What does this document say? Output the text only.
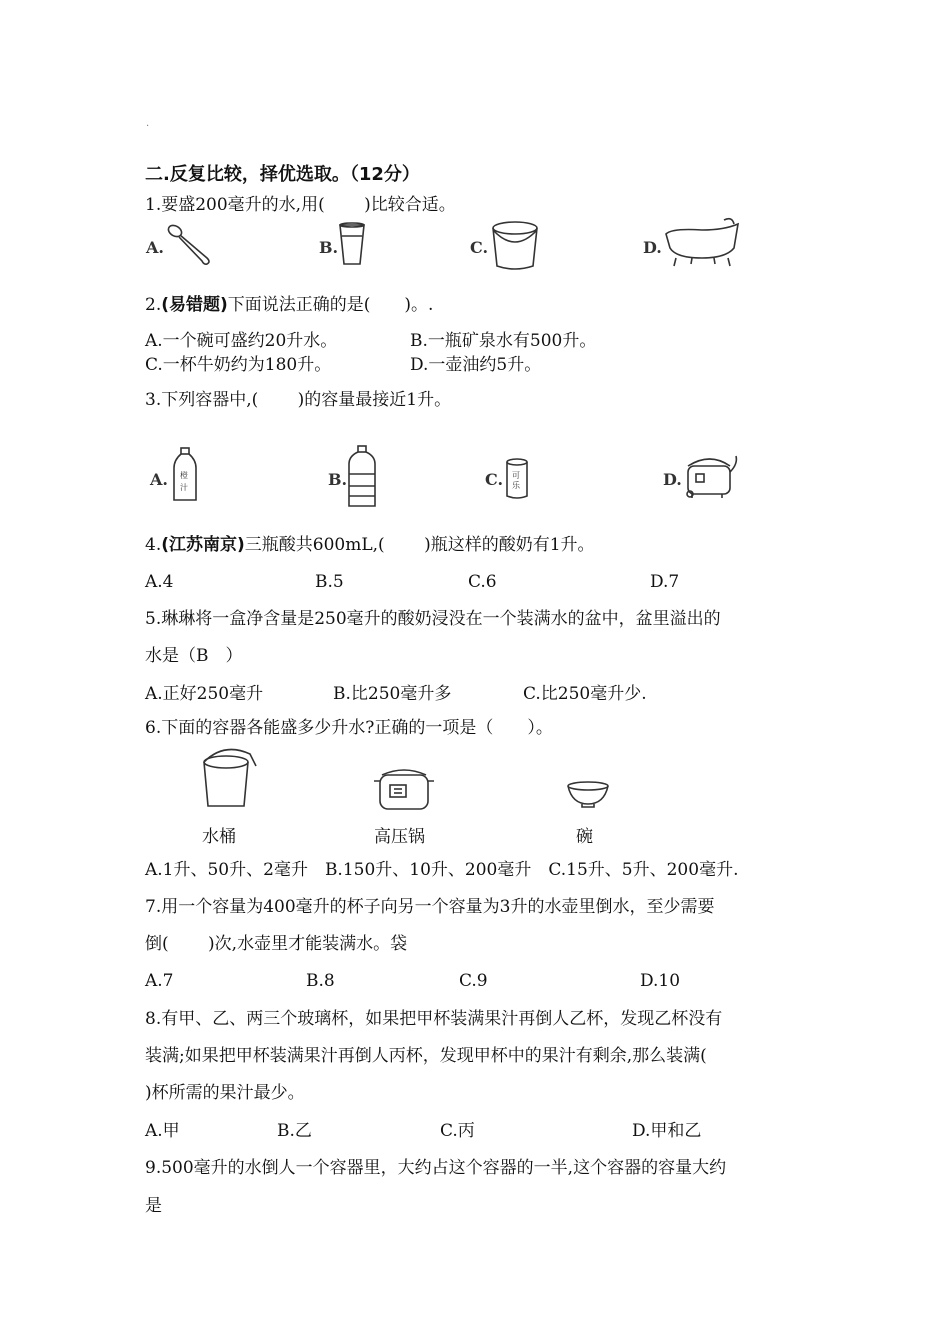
.
二.反复比较，择优选取。（12分）
1.要盛200毫升的水,用(　　 )比较合适。
A.	B.	C.	D.
2.(易错题)下面说法正确的是(　　)。.
A.一个碗可盛约20升水。	B.一瓶矿泉水有500升。
C.一杯牛奶约为180升。	D.一壶油约5升。
3.下列容器中,(　　 )的容量最接近1升。
A. 橙
汁	B.	C. 可
乐	D.
4.(江苏南京)三瓶酸共600mL,(　　 )瓶这样的酸奶有1升。
A.4	B.5	C.6	D.7
5.琳琳将一盒净含量是250毫升的酸奶浸没在一个装满水的盆中，盆里溢出的
水是（B　）
A.正好250毫升	B.比250毫升多	C.比250毫升少.
6.下面的容器各能盛多少升水?正确的一项是（　　）。
水桶	高压锅	碗
A.1升、50升、2毫升　B.150升、10升、200毫升　C.15升、5升、200毫升.
7.用一个容量为400毫升的杯子向另一个容量为3升的水壶里倒水，至少需要
倒(　　 )次,水壶里才能装满水。袋
A.7	B.8	C.9	D.10
8.有甲、乙、两三个玻璃杯，如果把甲杯装满果汁再倒人乙杯，发现乙杯没有
装满;如果把甲杯装满果汁再倒人丙杯，发现甲杯中的果汁有剩余,那么装满(
)杯所需的果汁最少。
A.甲	B.乙	C.丙	D.甲和乙
9.500毫升的水倒人一个容器里，大约占这个容器的一半,这个容器的容量大约
是
